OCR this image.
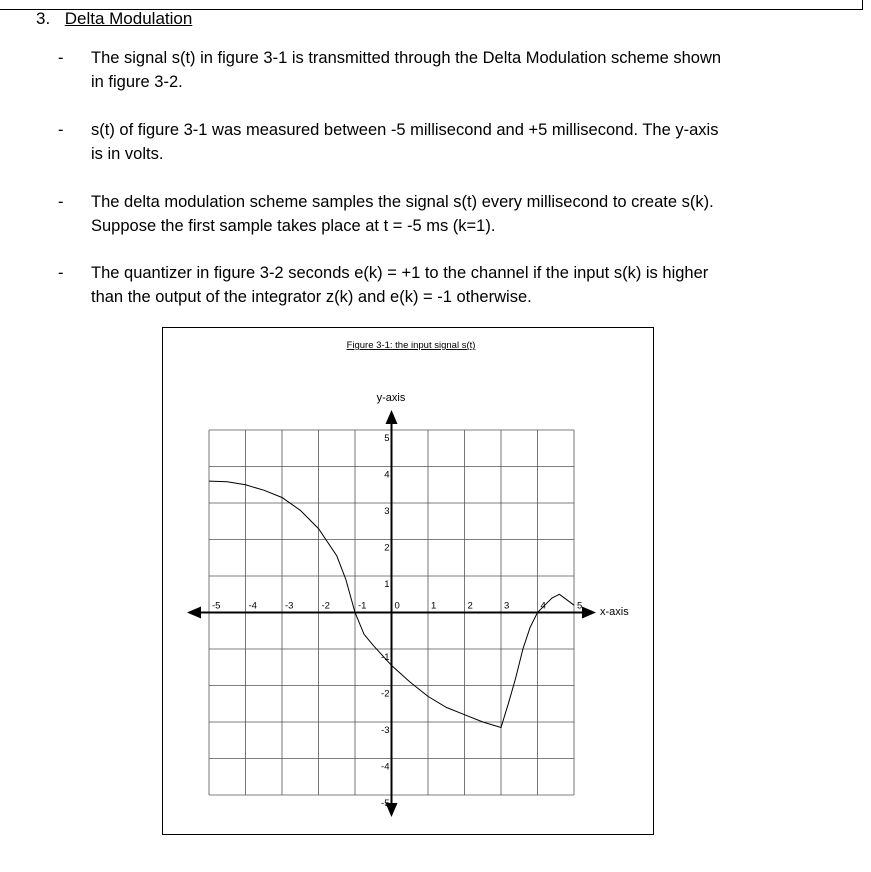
3. Delta Modulation
- The signal s(t) in figure 3-1 is transmitted through the Delta Modulation scheme shown
in figure 3-2.
- s(t) of figure 3-1 was measured between -5 millisecond and +5 millisecond. The y-axis
is in volts.
- The delta modulation scheme samples the signal s(t) every millisecond to create s(k).
Suppose the first sample takes place at t = -5 ms (k=1).
- The quantizer in figure 3-2 seconds e(k) = +1 to the channel if the input s(k) is higher
than the output of the integrator z(k) and e(k) = -1 otherwise.
Figure 3-1: the input signal s(t)
y-axis
x-axis
-5	-4	-3	-2	-1	0	1	2	3	4	5
5
4
3
2
1
-1
-2
-3
-4
-5
